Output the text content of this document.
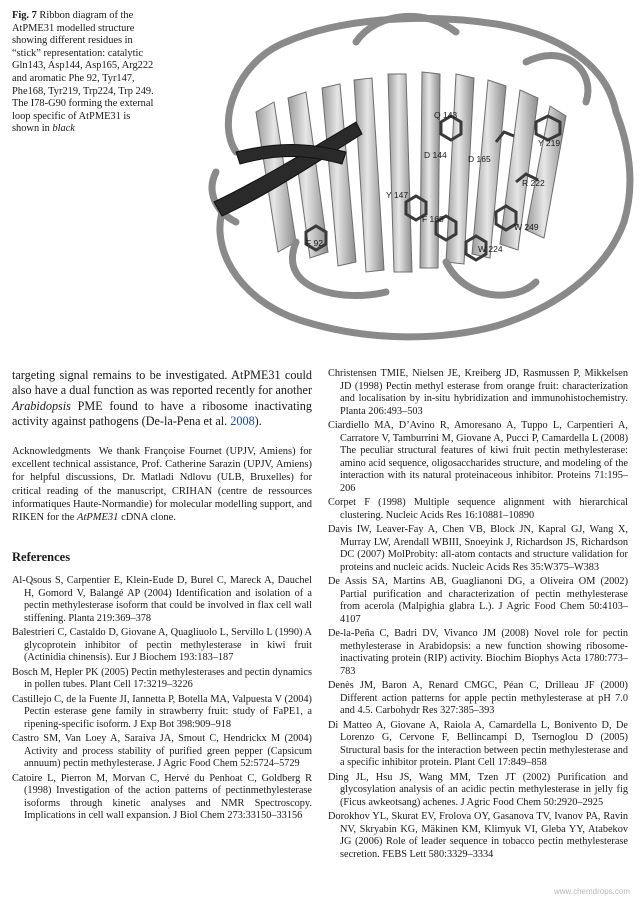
Fig. 7 Ribbon diagram of the AtPME31 modelled structure showing different residues in “stick” representation: catalytic Gln143, Asp144, Asp165, Arg222 and aromatic Phe 92, Tyr147, Phe168, Tyr219, Trp224, Trp 249. The I78-G90 forming the external loop specific of AtPME31 is shown in black
Q 143
D 144	D 165
Y 219
R 222
Y 147
F 168
W 249
W 224
F 92

targeting signal remains to be investigated. AtPME31 could also have a dual function as was reported recently for another Arabidopsis PME found to have a ribosome inactivating activity against pathogens (De-la-Pena et al. 2008).

Acknowledgments We thank Françoise Fournet (UPJV, Amiens) for excellent technical assistance, Prof. Catherine Sarazin (UPJV, Amiens) for helpful discussions, Dr. Matladi Ndlovu (ULB, Bruxelles) for critical reading of the manuscript, CRIHAN (centre de ressources informatiques Haute-Normandie) for molecular modelling support, and RIKEN for the AtPME31 cDNA clone.

References

Al-Qsous S, Carpentier E, Klein-Eude D, Burel C, Mareck A, Dauchel H, Gomord V, Balangé AP (2004) Identification and isolation of a pectin methylesterase isoform that could be involved in flax cell wall stiffening. Planta 219:369–378

Balestrieri C, Castaldo D, Giovane A, Quagliuolo L, Servillo L (1990) A glycoprotein inhibitor of pectin methylesterase in kiwi fruit (Actinidia chinensis). Eur J Biochem 193:183–187

Bosch M, Hepler PK (2005) Pectin methylesterases and pectin dynamics in pollen tubes. Plant Cell 17:3219–3226

Castillejo C, de la Fuente JI, Iannetta P, Botella MA, Valpuesta V (2004) Pectin esterase gene family in strawberry fruit: study of FaPE1, a ripening-specific isoform. J Exp Bot 398:909–918

Castro SM, Van Loey A, Saraiva JA, Smout C, Hendrickx M (2004) Activity and process stability of purified green pepper (Capsicum annuum) pectin methylesterase. J Agric Food Chem 52:5724–5729

Catoire L, Pierron M, Morvan C, Hervé du Penhoat C, Goldberg R (1998) Investigation of the action patterns of pectinmethylesterase isoforms through kinetic analyses and NMR Spectroscopy. Implications in cell wall expansion. J Biol Chem 273:33150–33156

Christensen TMIE, Nielsen JE, Kreiberg JD, Rasmussen P, Mikkelsen JD (1998) Pectin methyl esterase from orange fruit: characterization and localisation by in-situ hybridization and immunohistochemistry. Planta 206:493–503

Ciardiello MA, D’Avino R, Amoresano A, Tuppo L, Carpentieri A, Carratore V, Tamburrini M, Giovane A, Pucci P, Camardella L (2008) The peculiar structural features of kiwi fruit pectin methylesterase: amino acid sequence, oligosaccharides structure, and modeling of the interaction with its natural proteinaceous inhibitor. Proteins 71:195–206

Corpet F (1998) Multiple sequence alignment with hierarchical clustering. Nucleic Acids Res 16:10881–10890

Davis IW, Leaver-Fay A, Chen VB, Block JN, Kapral GJ, Wang X, Murray LW, Arendall WBIII, Snoeyink J, Richardson JS, Richardson DC (2007) MolProbity: all-atom contacts and structure validation for proteins and nucleic acids. Nucleic Acids Res 35:W375–W383

De Assis SA, Martins AB, Guaglianoni DG, a Oliveira OM (2002) Partial purification and characterization of pectin methylesterase from acerola (Malpighia glabra L.). J Agric Food Chem 50:4103–4107

De-la-Peña C, Badri DV, Vivanco JM (2008) Novel role for pectin methylesterase in Arabidopsis: a new function showing ribosome-inactivating protein (RIP) activity. Biochim Biophys Acta 1780:773–783

Denès JM, Baron A, Renard CMGC, Péan C, Drilleau JF (2000) Different action patterns for apple pectin methylesterase at pH 7.0 and 4.5. Carbohydr Res 327:385–393

Di Matteo A, Giovane A, Raiola A, Camardella L, Bonivento D, De Lorenzo G, Cervone F, Bellincampi D, Tsernoglou D (2005) Structural basis for the interaction between pectin methylesterase and a specific inhibitor protein. Plant Cell 17:849–858

Ding JL, Hsu JS, Wang MM, Tzen JT (2002) Purification and glycosylation analysis of an acidic pectin methylesterase in jelly fig (Ficus awkeotsang) achenes. J Agric Food Chem 50:2920–2925

Dorokhov YL, Skurat EV, Frolova OY, Gasanova TV, Ivanov PA, Ravin NV, Skryabin KG, Mäkinen KM, Klimyuk VI, Gleba YY, Atabekov JG (2006) Role of leader sequence in tobacco pectin methylesterase secretion. FEBS Lett 580:3329–3334

www.chemdrops.com
